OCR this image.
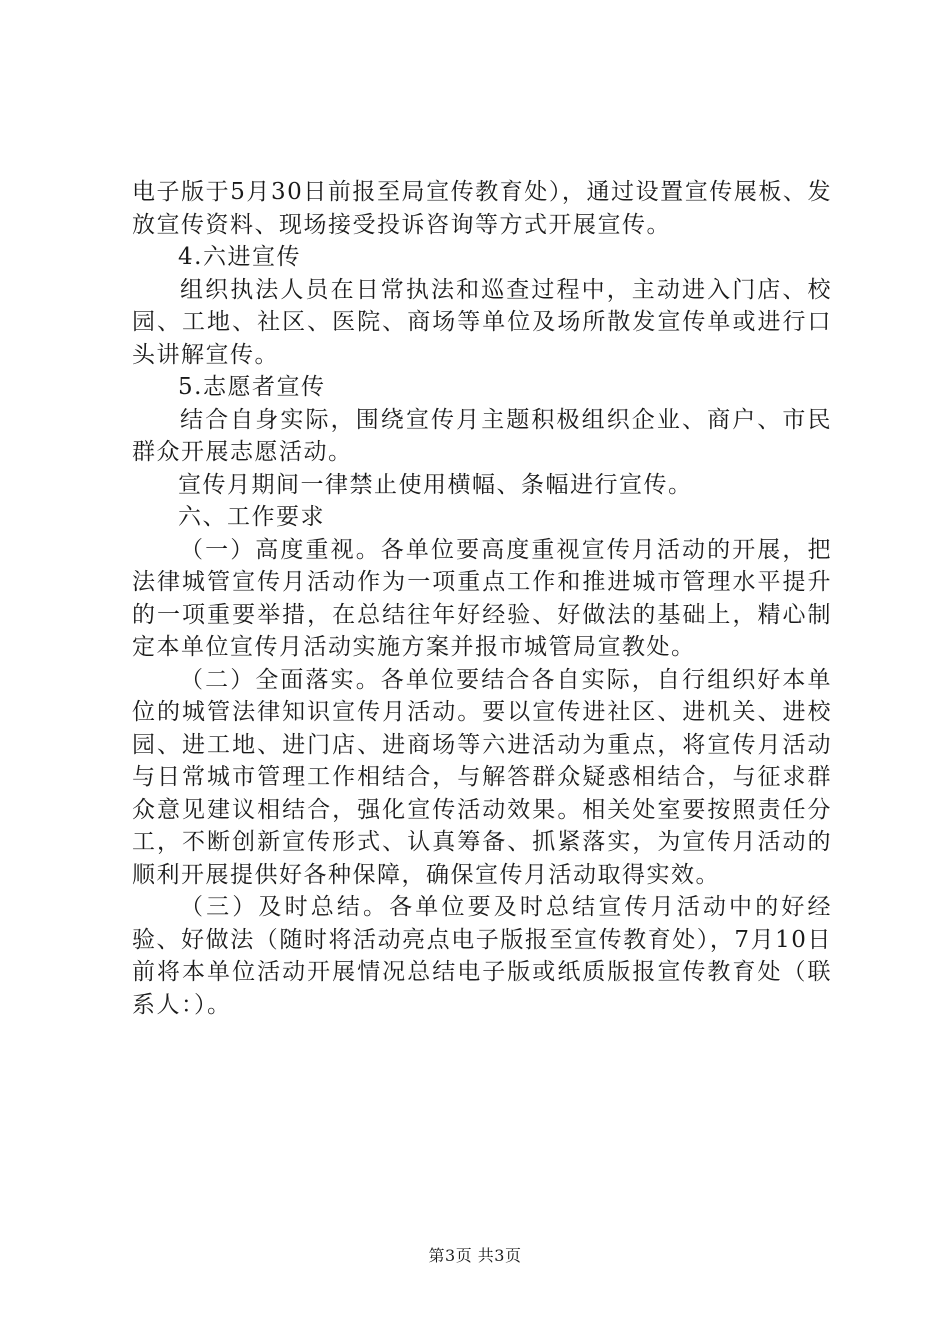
电子版于5月30日前报至局宣传教育处），通过设置宣传展板、发放宣传资料、现场接受投诉咨询等方式开展宣传。

4.六进宣传

组织执法人员在日常执法和巡查过程中，主动进入门店、校园、工地、社区、医院、商场等单位及场所散发宣传单或进行口头讲解宣传。

5.志愿者宣传

结合自身实际，围绕宣传月主题积极组织企业、商户、市民群众开展志愿活动。

宣传月期间一律禁止使用横幅、条幅进行宣传。

六、工作要求

（一）高度重视。各单位要高度重视宣传月活动的开展，把法律城管宣传月活动作为一项重点工作和推进城市管理水平提升的一项重要举措，在总结往年好经验、好做法的基础上，精心制定本单位宣传月活动实施方案并报市城管局宣教处。

（二）全面落实。各单位要结合各自实际，自行组织好本单位的城管法律知识宣传月活动。要以宣传进社区、进机关、进校园、进工地、进门店、进商场等六进活动为重点，将宣传月活动与日常城市管理工作相结合，与解答群众疑惑相结合，与征求群众意见建议相结合，强化宣传活动效果。相关处室要按照责任分工，不断创新宣传形式、认真筹备、抓紧落实，为宣传月活动的顺利开展提供好各种保障，确保宣传月活动取得实效。

（三）及时总结。各单位要及时总结宣传月活动中的好经验、好做法（随时将活动亮点电子版报至宣传教育处），7月10日前将本单位活动开展情况总结电子版或纸质版报宣传教育处（联系人：）。

第3页 共3页
